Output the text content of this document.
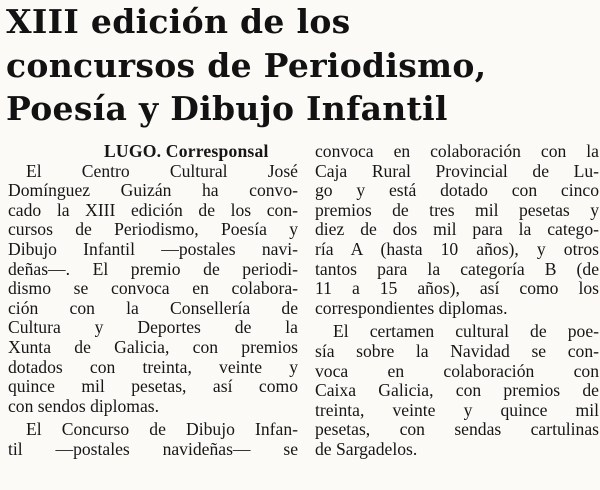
XIII edición de los
concursos de Periodismo,
Poesía y Dibujo Infantil
LUGO. Corresponsal
El Centro Cultural José
Domínguez Guizán ha convo-
cado la XIII edición de los con-
cursos de Periodismo, Poesía y
Dibujo Infantil —postales navi-
deñas—. El premio de periodi-
dismo se convoca en colabora-
ción con la Consellería de
Cultura y Deportes de la
Xunta de Galicia, con premios
dotados con treinta, veinte y
quince mil pesetas, así como
con sendos diplomas.
El Concurso de Dibujo Infan-
til —postales navideñas— se
convoca en colaboración con la
Caja Rural Provincial de Lu-
go y está dotado con cinco
premios de tres mil pesetas y
diez de dos mil para la catego-
ría A (hasta 10 años), y otros
tantos para la categoría B (de
11 a 15 años), así como los
correspondientes diplomas.
El certamen cultural de poe-
sía sobre la Navidad se con-
voca en colaboración con
Caixa Galicia, con premios de
treinta, veinte y quince mil
pesetas, con sendas cartulinas
de Sargadelos.
